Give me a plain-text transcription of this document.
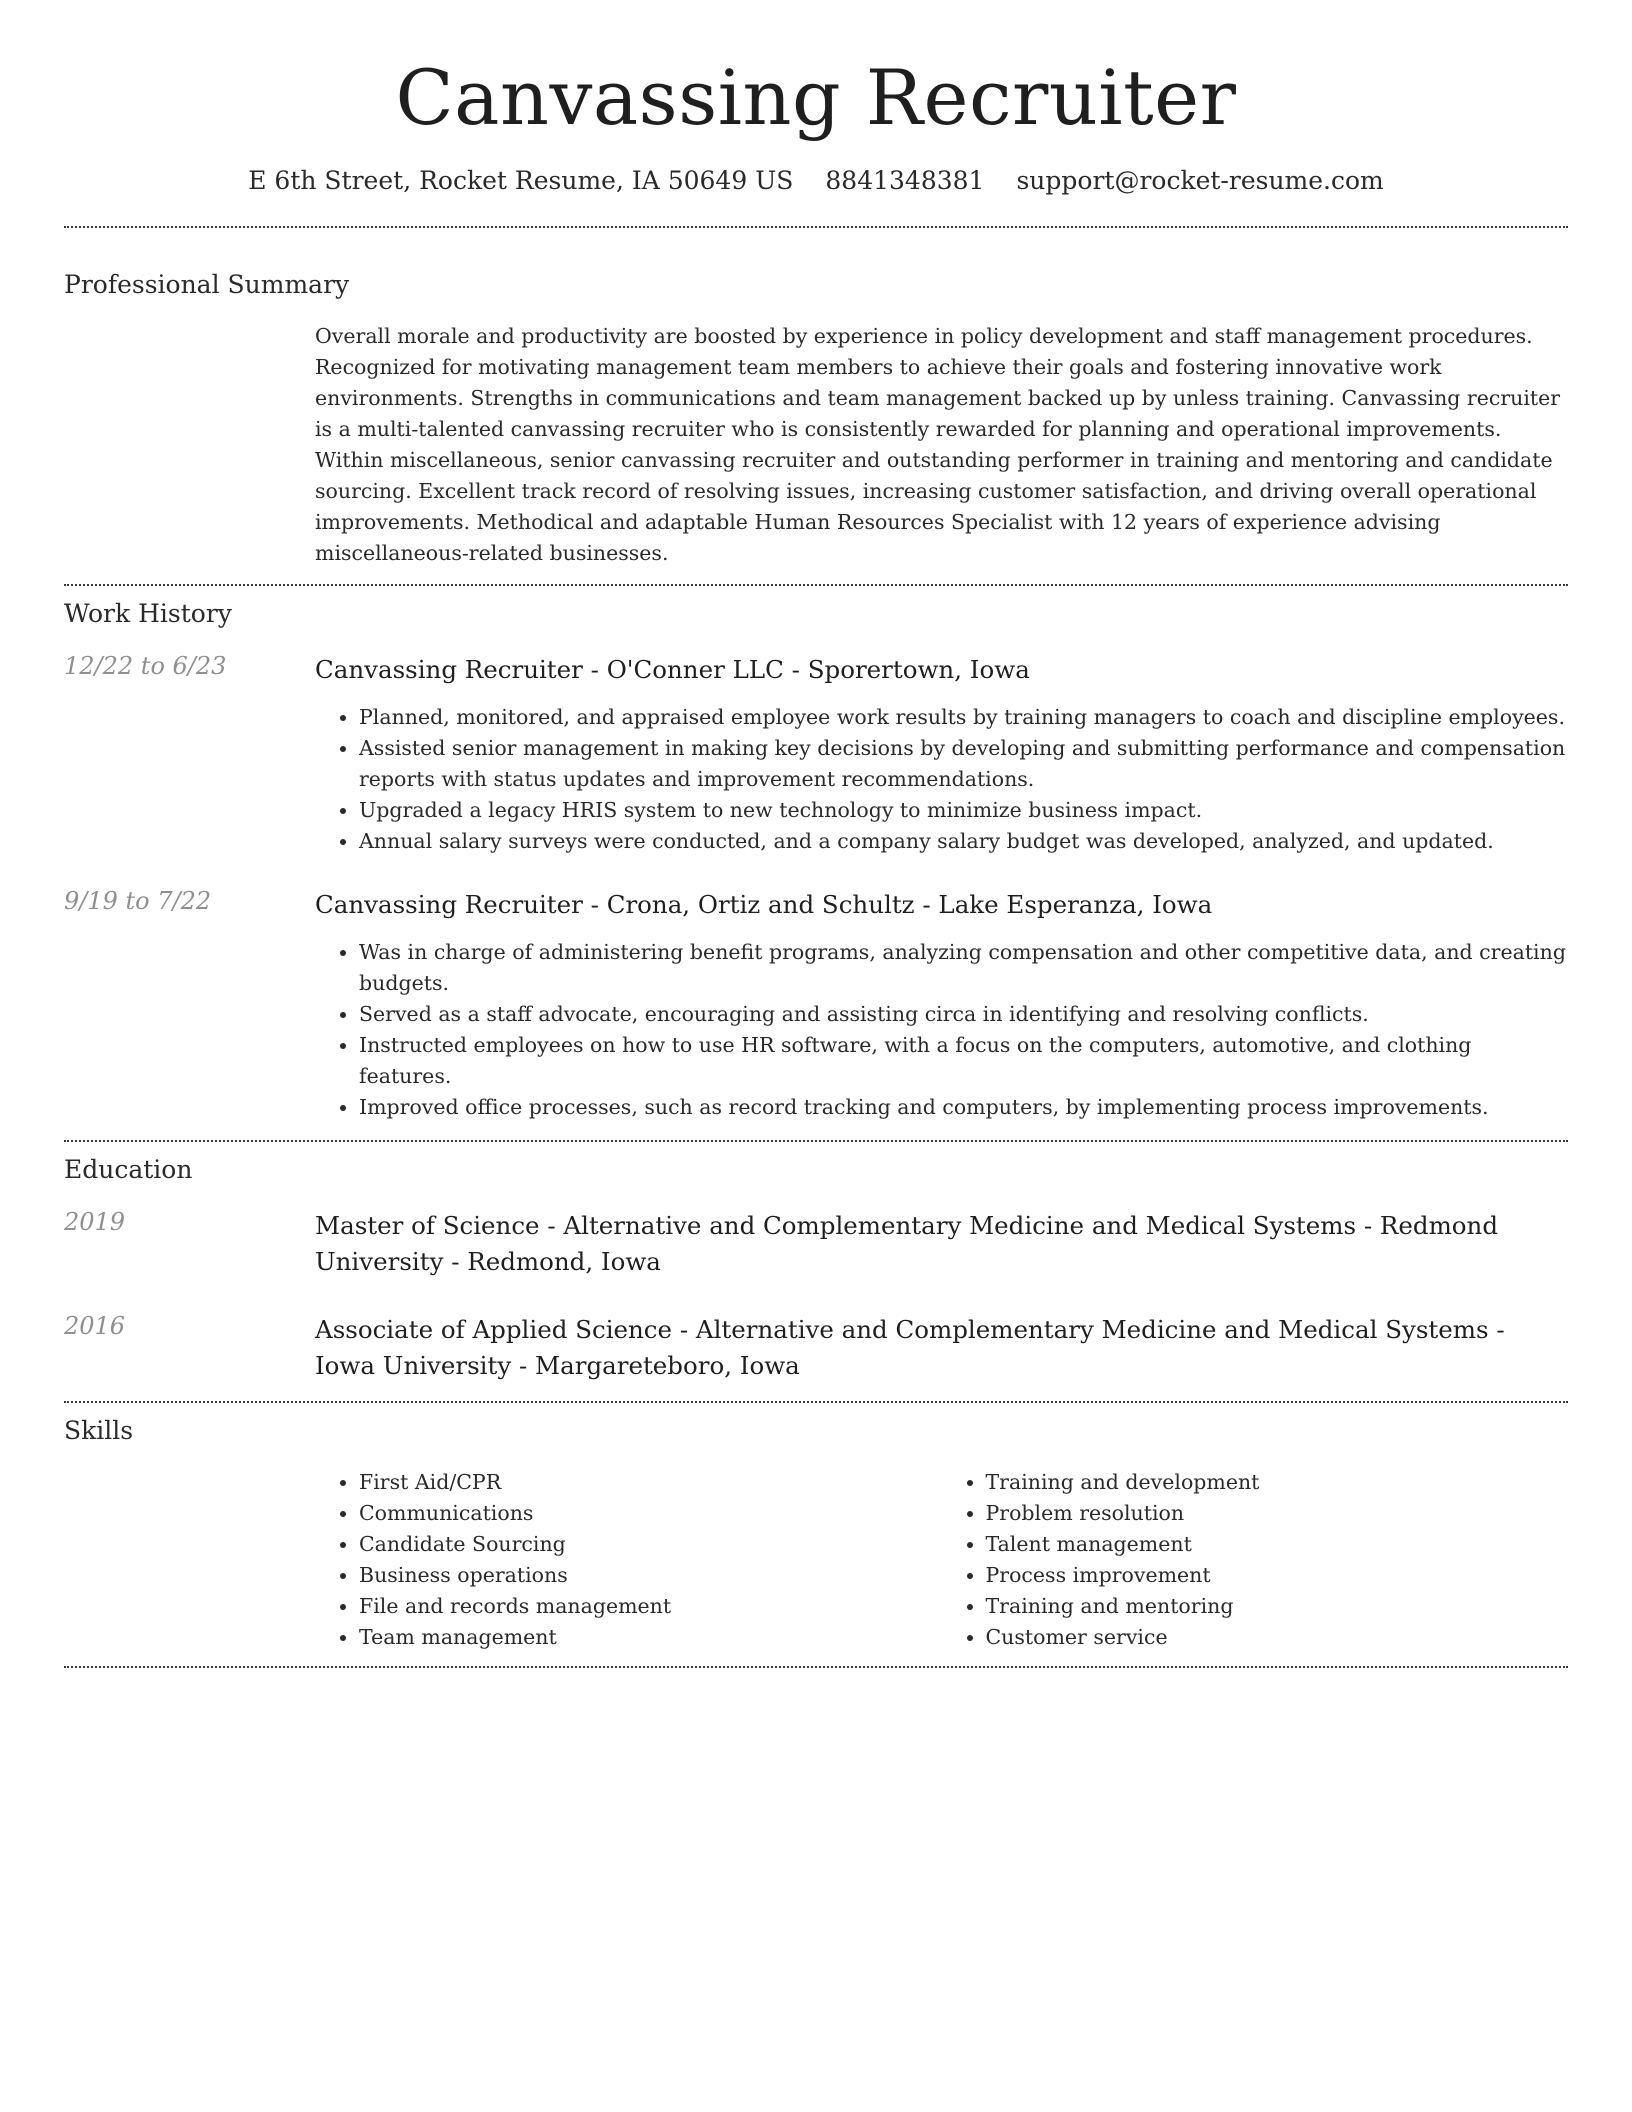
Canvassing Recruiter
E 6th Street, Rocket Resume, IA 50649 US 8841348381 support@rocket-resume.com
Professional Summary

Overall morale and productivity are boosted by experience in policy development and staff management procedures. Recognized for motivating management team members to achieve their goals and fostering innovative work environments. Strengths in communications and team management backed up by unless training. Canvassing recruiter is a multi-talented canvassing recruiter who is consistently rewarded for planning and operational improvements. Within miscellaneous, senior canvassing recruiter and outstanding performer in training and mentoring and candidate sourcing. Excellent track record of resolving issues, increasing customer satisfaction, and driving overall operational improvements. Methodical and adaptable Human Resources Specialist with 12 years of experience advising miscellaneous-related businesses.

Work History
12/22 to 6/23	Canvassing Recruiter - O'Conner LLC - Sporertown, Iowa
• Planned, monitored, and appraised employee work results by training managers to coach and discipline employees.
• Assisted senior management in making key decisions by developing and submitting performance and compensation reports with status updates and improvement recommendations.
• Upgraded a legacy HRIS system to new technology to minimize business impact.
• Annual salary surveys were conducted, and a company salary budget was developed, analyzed, and updated.
9/19 to 7/22	Canvassing Recruiter - Crona, Ortiz and Schultz - Lake Esperanza, Iowa
• Was in charge of administering benefit programs, analyzing compensation and other competitive data, and creating budgets.
• Served as a staff advocate, encouraging and assisting circa in identifying and resolving conflicts.
• Instructed employees on how to use HR software, with a focus on the computers, automotive, and clothing features.
• Improved office processes, such as record tracking and computers, by implementing process improvements.
Education
2019	Master of Science - Alternative and Complementary Medicine and Medical Systems - Redmond University - Redmond, Iowa
2016	Associate of Applied Science - Alternative and Complementary Medicine and Medical Systems - Iowa University - Margareteboro, Iowa
Skills
• First Aid/CPR
• Communications
• Candidate Sourcing
• Business operations
• File and records management
• Team management
• Training and development
• Problem resolution
• Talent management
• Process improvement
• Training and mentoring
• Customer service
